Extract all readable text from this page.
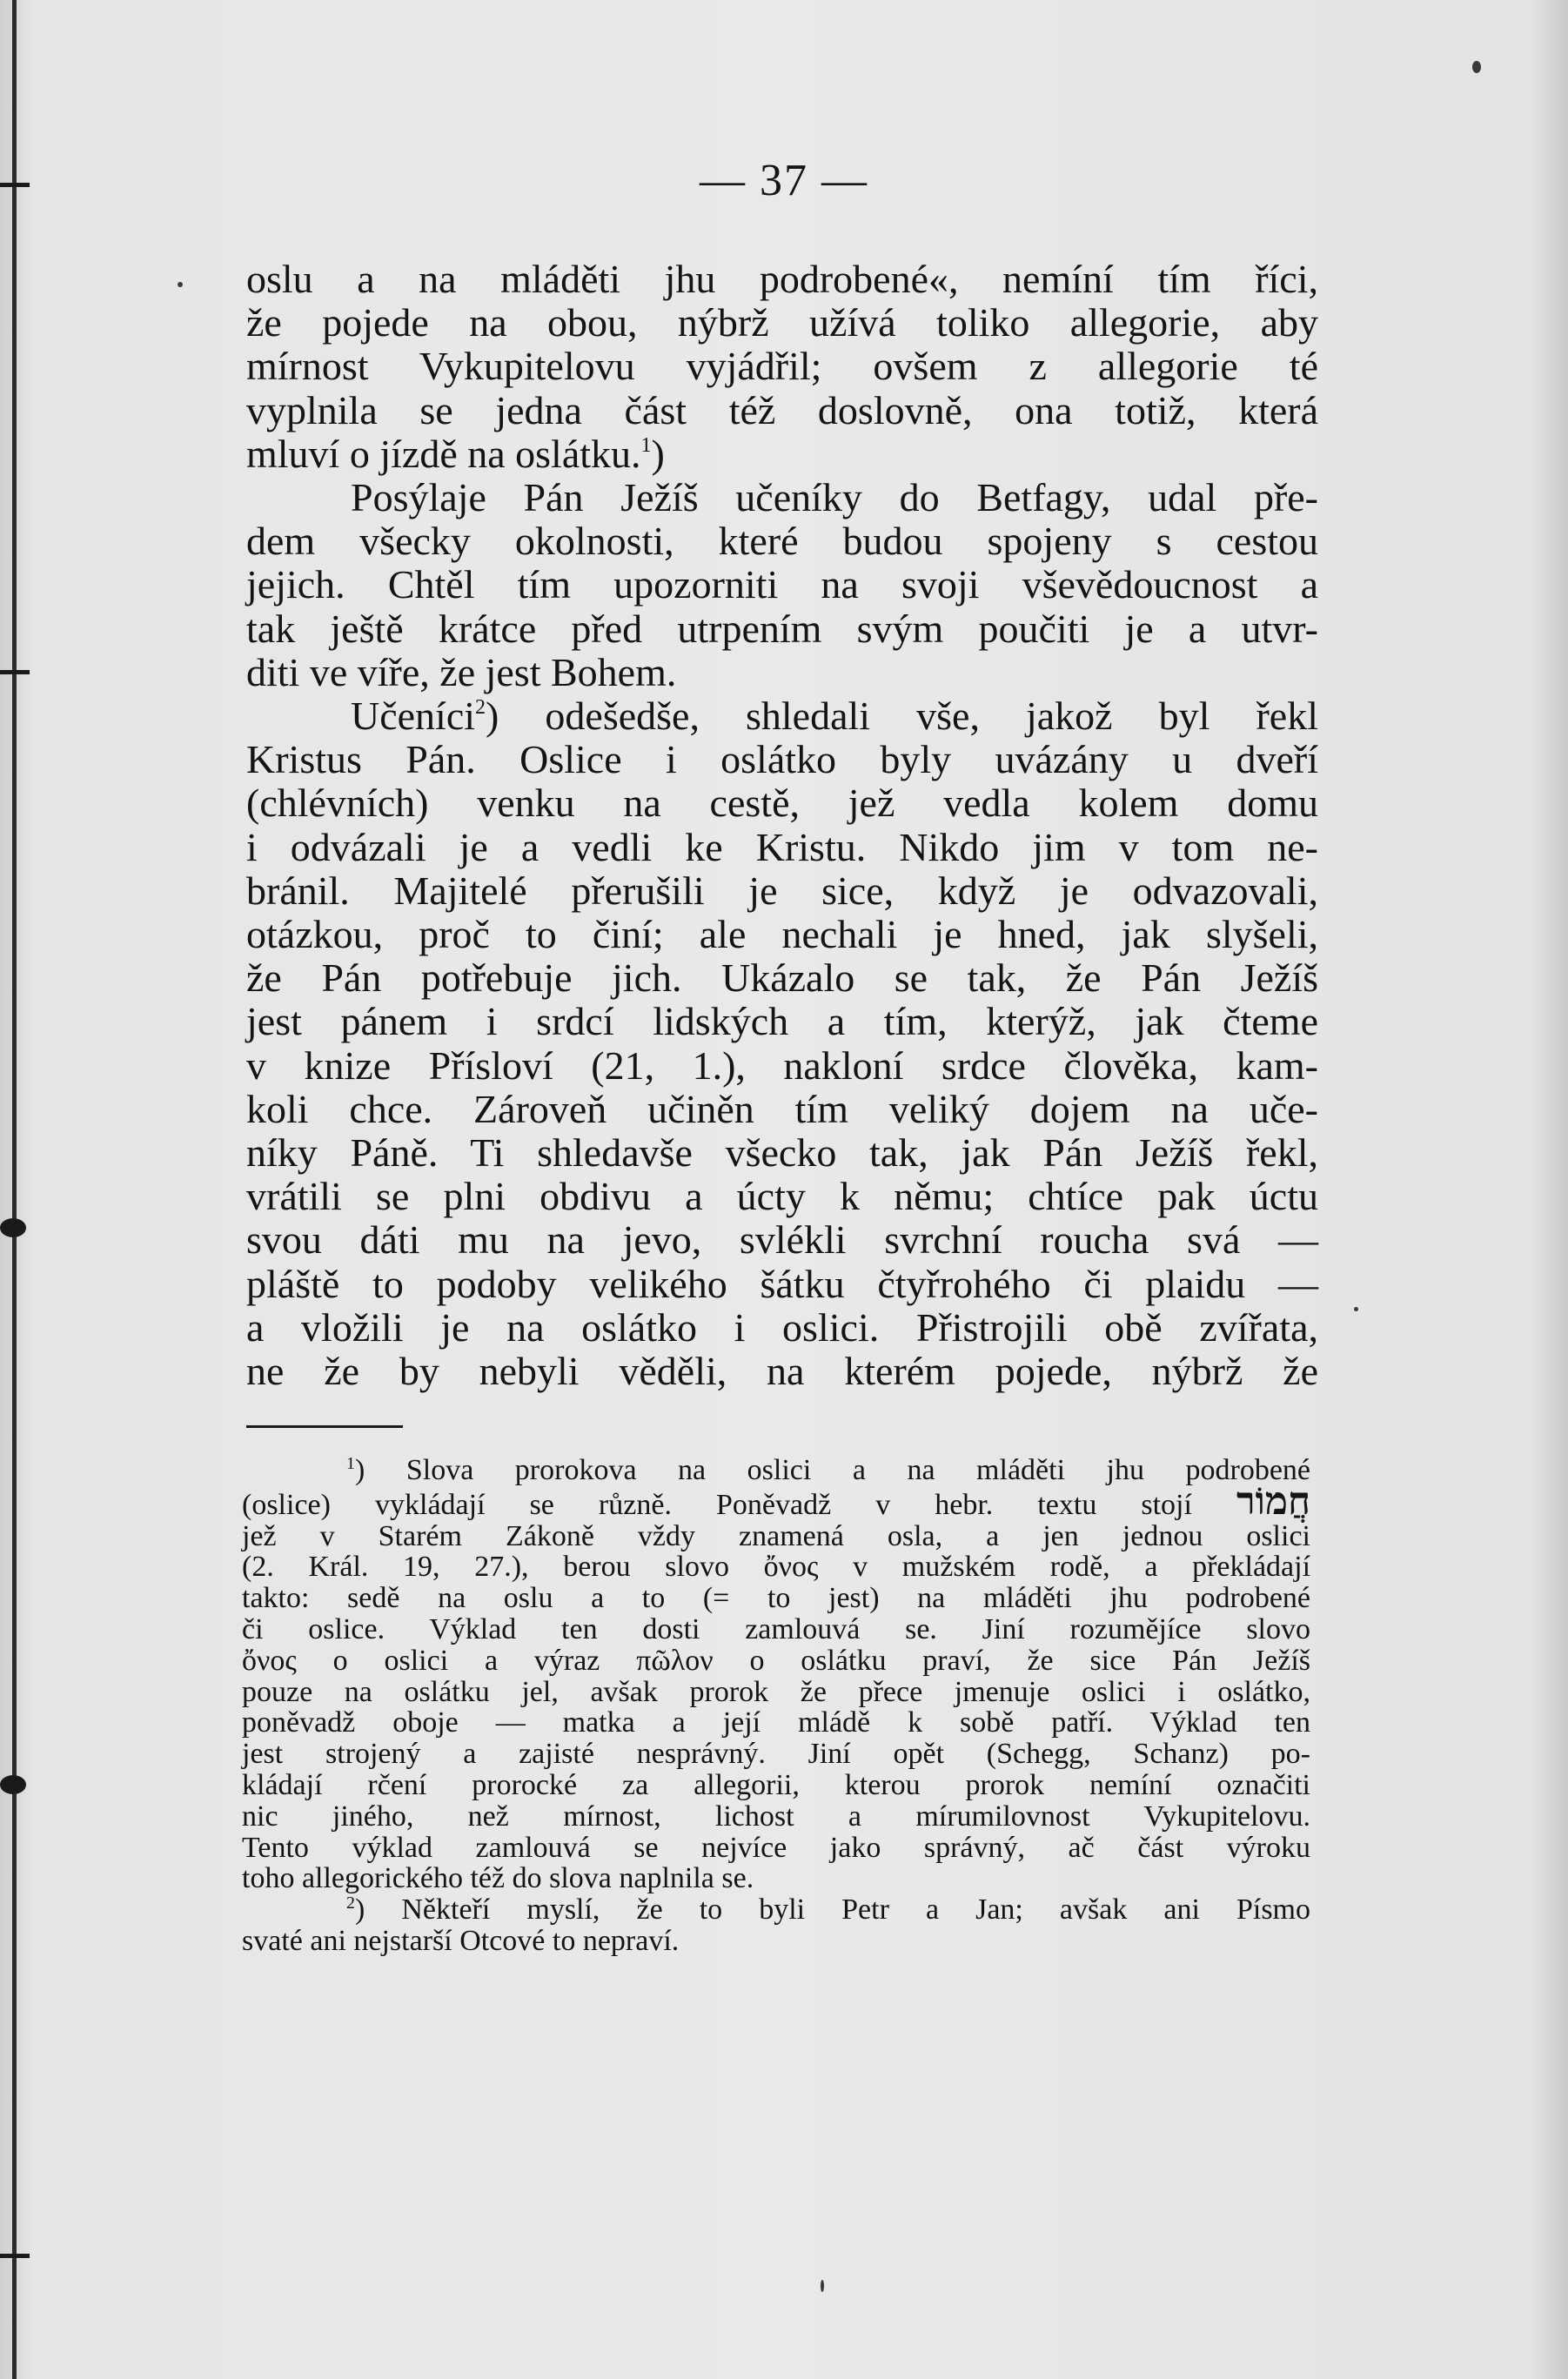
— 37 —
oslu a na mláděti jhu podrobené«, nemíní tím říci,
že pojede na obou, nýbrž užívá toliko allegorie, aby
mírnost Vykupitelovu vyjádřil; ovšem z allegorie té
vyplnila se jedna část též doslovně, ona totiž, která
mluví o jízdě na oslátku.$^1$)
Posýlaje Pán Ježíš učeníky do Betfagy, udal pře-
dem všecky okolnosti, které budou spojeny s cestou
jejich. Chtěl tím upozorniti na svoji vševědoucnost a
tak ještě krátce před utrpením svým poučiti je a utvr-
diti ve víře, že jest Bohem.
Učeníci$^2$) odešedše, shledali vše, jakož byl řekl
Kristus Pán. Oslice i oslátko byly uvázány u dveří
(chlévních) venku na cestě, jež vedla kolem domu
i odvázali je a vedli ke Kristu. Nikdo jim v tom ne-
bránil. Majitelé přerušili je sice, když je odvazovali,
otázkou, proč to činí; ale nechali je hned, jak slyšeli,
že Pán potřebuje jich. Ukázalo se tak, že Pán Ježíš
jest pánem i srdcí lidských a tím, kterýž, jak čteme
v knize Přísloví (21, 1.), nakloní srdce člověka, kam-
koli chce. Zároveň učiněn tím veliký dojem na uče-
níky Páně. Ti shledavše všecko tak, jak Pán Ježíš řekl,
vrátili se plni obdivu a úcty k němu; chtíce pak úctu
svou dáti mu na jevo, svlékli svrchní roucha svá —
pláště to podoby velikého šátku čtyřrohého či plaidu —
a vložili je na oslátko i oslici. Přistrojili obě zvířata,
ne že by nebyli věděli, na kterém pojede, nýbrž že
$^1$) Slova prorokova na oslici a na mláděti jhu podrobené
(oslice) vykládají se různě. Poněvadž v hebr. textu stojí חֲמוֹר
jež v Starém Zákoně vždy znamená osla, a jen jednou oslici
(2. Král. 19, 27.), berou slovo ὄνος v mužském rodě, a překládají
takto: sedě na oslu a to (= to jest) na mláděti jhu podrobené
či oslice. Výklad ten dosti zamlouvá se. Jiní rozumějíce slovo
ὄνος o oslici a výraz πῶλον o oslátku praví, že sice Pán Ježíš
pouze na oslátku jel, avšak prorok že přece jmenuje oslici i oslátko,
poněvadž oboje — matka a její mládě k sobě patří. Výklad ten
jest strojený a zajisté nesprávný. Jiní opět (Schegg, Schanz) po-
kládají rčení prorocké za allegorii, kterou prorok nemíní označiti
nic jiného, než mírnost, lichost a mírumilovnost Vykupitelovu.
Tento výklad zamlouvá se nejvíce jako správný, ač část výroku
toho allegorického též do slova naplnila se.
$^2$) Někteří myslí, že to byli Petr a Jan; avšak ani Písmo
svaté ani nejstarší Otcové to nepraví.
